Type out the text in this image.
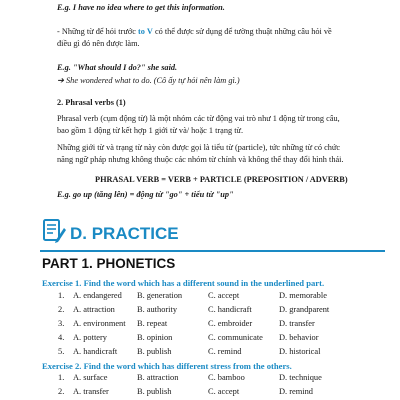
E.g. I have no idea where to get this information.
- Những từ để hỏi trước to V có thể được sử dụng để tường thuật những câu hỏi về
điều gì đó nên được làm.
E.g. "What should I do?" she said.
➔ She wondered what to do. (Cô ấy tự hỏi nên làm gì.)
2. Phrasal verbs (1)
Phrasal verb (cụm động từ) là một nhóm các từ động vai trò như 1 động từ trong câu,
bao gồm 1 động từ kết hợp 1 giới từ và/ hoặc 1 trạng từ.
Những giới từ và trạng từ này còn được gọi là tiểu từ (particle), tức những từ có chức
năng ngữ pháp nhưng không thuộc các nhóm từ chính và không thể thay đổi hình thái.
PHRASAL VERB = VERB + PARTICLE (PREPOSITION / ADVERB)
E.g. go up (tăng lên) = động từ "go" + tiểu từ "up"
D. PRACTICE
PART 1. PHONETICS
Exercise 1. Find the word which has a different sound in the underlined part.
1. A. endangered B. generation	C. accept	D. memorable
2. A. attraction	B. authority	C. handicraft	D. grandparent
3. A. environment B. repeat	C. embroider	D. transfer
4. A. pottery	B. opinion	C. communicate D. behavior
5. A. handicraft B. publish	C. remind	D. historical
Exercise 2. Find the word which has different stress from the others.
1. A. surface	B. attraction	C. bamboo	D. technique
2. A. transfer	B. publish	C. accept	D. remind
